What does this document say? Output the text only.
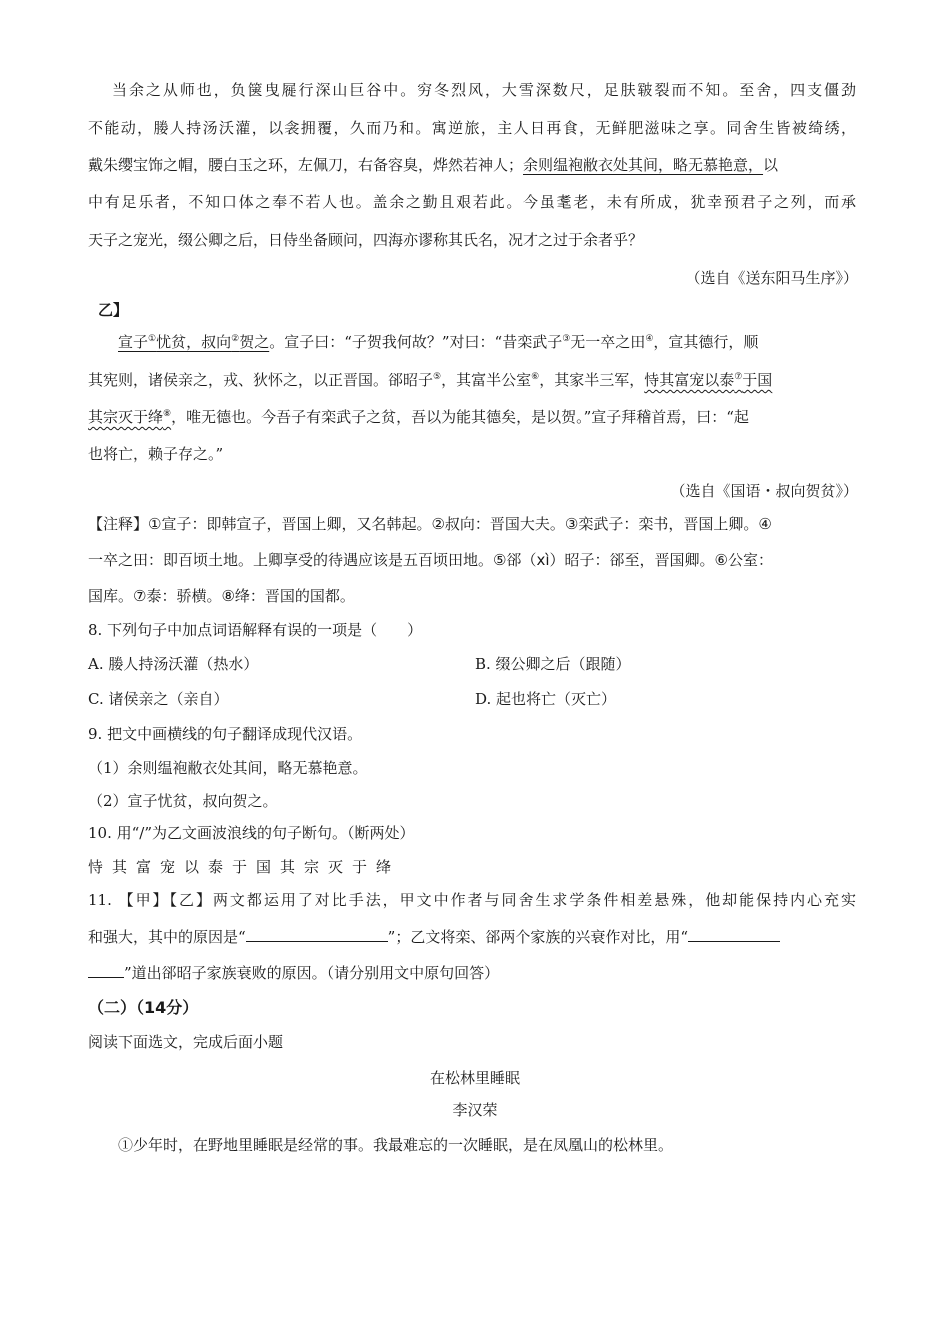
当余之从师也，负箧曳屣行深山巨谷中。穷冬烈风，大雪深数尺，足肤皲裂而不知。至舍，四支僵劲
不能动，媵人持汤沃灌，以衾拥覆，久而乃和。寓逆旅，主人日再食，无鲜肥滋味之享。同舍生皆被绮绣，
戴朱缨宝饰之帽，腰白玉之环，左佩刀，右备容臭，烨然若神人；余则缊袍敝衣处其间，略无慕艳意，以
中有足乐者，不知口体之奉不若人也。盖余之勤且艰若此。今虽耄老，未有所成，犹幸预君子之列，而承
天子之宠光，缀公卿之后，日侍坐备顾问，四海亦谬称其氏名，况才之过于余者乎？
（选自《送东阳马生序》）
乙】
宣子①忧贫，叔向②贺之。宣子曰：“子贺我何故？”对曰：“昔栾武子③无一卒之田④，宣其德行，顺
其宪则，诸侯亲之，戎、狄怀之，以正晋国。郤昭子⑤，其富半公室⑥，其家半三军，恃其富宠以泰⑦于国
其宗灭于绛⑧，唯无德也。今吾子有栾武子之贫，吾以为能其德矣，是以贺。”宣子拜稽首焉，曰：“起
也将亡，赖子存之。”
（选自《国语・叔向贺贫》）
【注释】①宣子：即韩宣子，晋国上卿，又名韩起。②叔向：晋国大夫。③栾武子：栾书，晋国上卿。④
一卒之田：即百顷土地。上卿享受的待遇应该是五百顷田地。⑤郤（xì）昭子：郤至，晋国卿。⑥公室：
国库。⑦泰：骄横。⑧绛：晋国的国都。
8. 下列句子中加点词语解释有误的一项是（　　）
A. 媵人持汤沃灌（热水）	B. 缀公卿之后（跟随）
C. 诸侯亲之（亲自）	D. 起也将亡（灭亡）
9. 把文中画横线的句子翻译成现代汉语。
（1）余则缊袍敝衣处其间，略无慕艳意。
（2）宣子忧贫，叔向贺之。
10. 用“/”为乙文画波浪线的句子断句。（断两处）
恃其富宠以泰于国其宗灭于绛
11. 【甲】【乙】两文都运用了对比手法，甲文中作者与同舍生求学条件相差悬殊，他却能保持内心充实
和强大，其中的原因是“	”；乙文将栾、郤两个家族的兴衰作对比，用“
”道出郤昭子家族衰败的原因。（请分别用文中原句回答）
（二）（14分）
阅读下面选文，完成后面小题
在松林里睡眠
李汉荣
①少年时，在野地里睡眠是经常的事。我最难忘的一次睡眠，是在凤凰山的松林里。
